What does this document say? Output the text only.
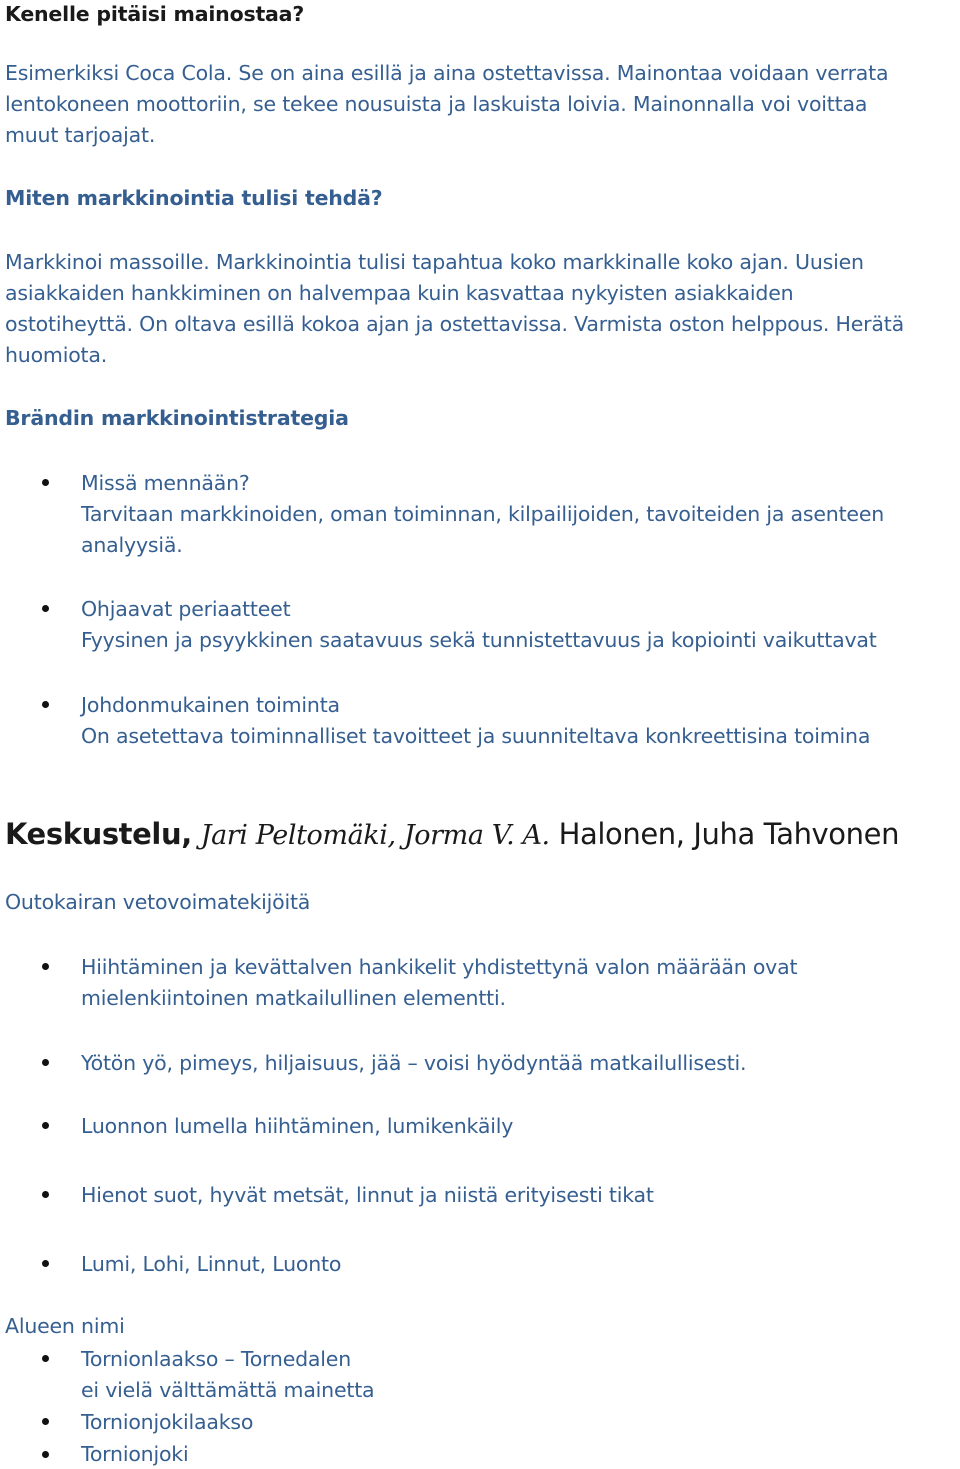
Kenelle pitäisi mainostaa?

Esimerkiksi Coca Cola. Se on aina esillä ja aina ostettavissa. Mainontaa voidaan verrata

lentokoneen moottoriin, se tekee nousuista ja laskuista loivia. Mainonnalla voi voittaa

muut tarjoajat.

Miten markkinointia tulisi tehdä?

Markkinoi massoille. Markkinointia tulisi tapahtua koko markkinalle koko ajan. Uusien

asiakkaiden hankkiminen on halvempaa kuin kasvattaa nykyisten asiakkaiden

ostotiheyttä. On oltava esillä kokoa ajan ja ostettavissa. Varmista oston helppous. Herätä

huomiota.

Brändin markkinointistrategia

Missä mennään?

Tarvitaan markkinoiden, oman toiminnan, kilpailijoiden, tavoiteiden ja asenteen

analyysiä.

Ohjaavat periaatteet

Fyysinen ja psyykkinen saatavuus sekä tunnistettavuus ja kopiointi vaikuttavat

Johdonmukainen toiminta

On asetettava toiminnalliset tavoitteet ja suunniteltava konkreettisina toimina

Keskustelu, Jari Peltomäki, Jorma V. A. Halonen, Juha Tahvonen

Outokairan vetovoimatekijöitä

Hiihtäminen ja kevättalven hankikelit yhdistettynä valon määrään ovat

mielenkiintoinen matkailullinen elementti.

Yötön yö, pimeys, hiljaisuus, jää – voisi hyödyntää matkailullisesti.

Luonnon lumella hiihtäminen, lumikenkäily

Hienot suot, hyvät metsät, linnut ja niistä erityisesti tikat

Lumi, Lohi, Linnut, Luonto

Alueen nimi

Tornionlaakso – Tornedalen

ei vielä välttämättä mainetta

Tornionjokilaakso

Tornionjoki
